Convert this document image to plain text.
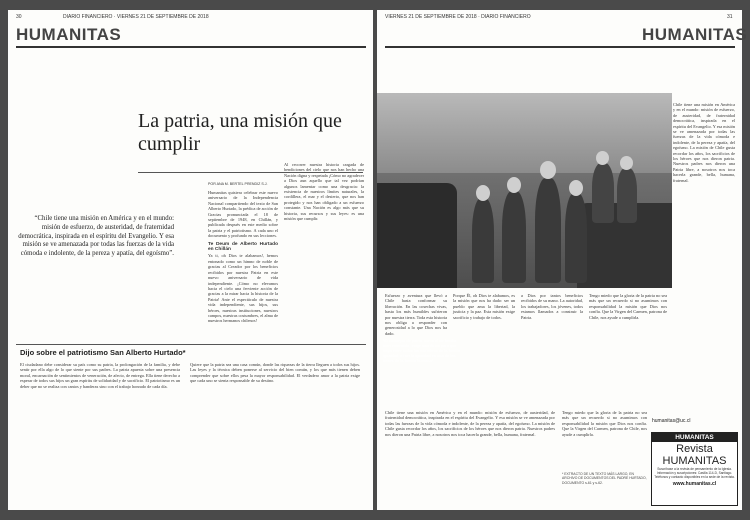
30	DIARIO FINANCIERO · VIERNES 21 DE SEPTIEMBRE DE 2018
HUMANITAS
La patria, una misión que cumplir
POR ANA M. BERTEL PRENDIZ S.J.
“Chile tiene una misión en América y en el mundo: misión de esfuerzo, de austeridad, de fraternidad democrática, inspirada en el espíritu del Evangelio. Y esa misión se ve amenazada por todas las fuerzas de la vida cómoda e indolente, de la pereza y apatía, del egoísmo”.
Humanitas quisiera celebrar este nuevo aniversario de la Independencia Nacional compartiendo del texto de San Alberto Hurtado, la prédica de acción de Gracias pronunciada el 18 de septiembre de 1948, en Chillán, y publicada después en este medio sobre la patria y el patriotismo. A cada uno el documento y profundo en sus lecciones.
Te Deum de Alberto Hurtado en Chillán
Ya ti, oh Dios te alabamos!, hemos entonado como un himno de noble de gracias al Creador por los beneficios recibidos por nuestra Patria en este nuevo aniversario de vida independiente. ¡Cómo no elevamos hacia el cielo una ferviente acción de gracias a la mirar hacia la historia de la Patria! Ante el espectáculo de nuestra vida independiente, sus hijos, sus héroes, nuestras instituciones, nuestros campos, nuestras costumbres, el alma de nuestros hermanos chilenos!
Al recorrer nuestra historia cargada de bendiciones del cielo que nos han hecho una Nación digna y respetada ¡Cómo no agradecer a Dios aun aquello que tal vez podrían algunos lamentar como una desgracia: la existencia de nuestros límites naturales, la cordillera, el mar y el desierto, que nos han protegido y nos han obligado a un esfuerzo constante. Una Nación es algo más que su historia, sus recursos y sus leyes: es una misión que cumplir.
Dijo sobre el patriotismo San Alberto Hurtado*
El ciudadano debe considerar su país como su patria, la prolongación de la familia, y debe sentir por ella algo de lo que siente por sus padres. La patria apuesta sobre una presencia moral, encarnación de sentimientos de veneración, de afecto, de entrega. Ella tiene derecho a esperar de todos sus hijos un gran espíritu de solidaridad y de sacrificio. El patriotismo es un deber que no se realiza con cantos y banderas sino con el trabajo honrado de cada día.
Quiere que la patria sea una casa común, donde las riquezas de la tierra lleguen a todos sus hijos. Las leyes y la técnica deben ponerse al servicio del bien común, y los que más tienen deben comprender que sobre ellos pesa la mayor responsabilidad. El verdadero amor a la patria exige que cada uno se sienta responsable de su destino.
VIERNES 21 DE SEPTIEMBRE DE 2018 · DIARIO FINANCIERO	31
HUMANITAS
“El concepto de patria, como el de familia bien entendido, exige sacrificios para que haya entre todos los miembros de la familia igualdad; el ser la igualdad es una de las bases de la familia humana”.
Chile tiene una misión en América y en el mundo: misión de esfuerzo, de austeridad, de fraternidad democrática, inspirada en el espíritu del Evangelio. Y esa misión se ve amenazada por todas las fuerzas de la vida cómoda e indolente, de la pereza y apatía, del egoísmo. La misión de Chile gusta recordar los años, los sacrificios de los héroes que nos dieron patria. Nuestros padres nos dieron una Patria libre, a nosotros nos toca hacerla grande, bella, humana, fraternal.
Esfuerzo y aventura que llevó a Chile hasta conformar su liberación. En las cosechas vivas, hasta los más humildes sufrieron por nuestra tierra. Toda esta historia nos obliga a responder con generosidad a lo que Dios nos ha dado.
Porque Él, oh Dios te alabamos, es la misión que nos ha dado: ser un pueblo que ama la libertad, la justicia y la paz. Esta misión exige sacrificio y trabajo de todos.
a Dios por tantos beneficios recibidos de su mano. La autoridad, los trabajadores, los jóvenes, todos estamos llamados a construir la Patria.
Tengo miedo que la gloria de la patria no sea más que un recuerdo si no asumimos con responsabilidad la misión que Dios nos confía. Que la Virgen del Carmen, patrona de Chile, nos ayude a cumplirla.
Chile tiene una misión en América y en el mundo: misión de esfuerzo, de austeridad, de fraternidad democrática, inspirada en el espíritu del Evangelio. Y esa misión se ve amenazada por todas las fuerzas de la vida cómoda e indolente, de la pereza y apatía, del egoísmo. La misión de Chile gusta recordar los años, los sacrificios de los héroes que nos dieron patria. Nuestros padres nos dieron una Patria libre, a nosotros nos toca hacerla grande, bella, humana, fraternal.
Tengo miedo que la gloria de la patria no sea más que un recuerdo si no asumimos con responsabilidad la misión que Dios nos confía. Que la Virgen del Carmen, patrona de Chile, nos ayude a cumplirla.
* EXTRACTO DE UN TEXTO MÁS LARGO, EN ARCHIVO DE DOCUMENTOS DEL PADRE HURTADO, DOCUMENTO s-61 y s-62.
humanitas@uc.cl
HUMANITAS
Revista HUMANITAS
Suscríbase a la revista de pensamiento de la Iglesia. Información y suscripciones: Casilla 114-D, Santiago. Teléfonos y contacto disponibles en la sede de la revista.
www.humanitas.cl
